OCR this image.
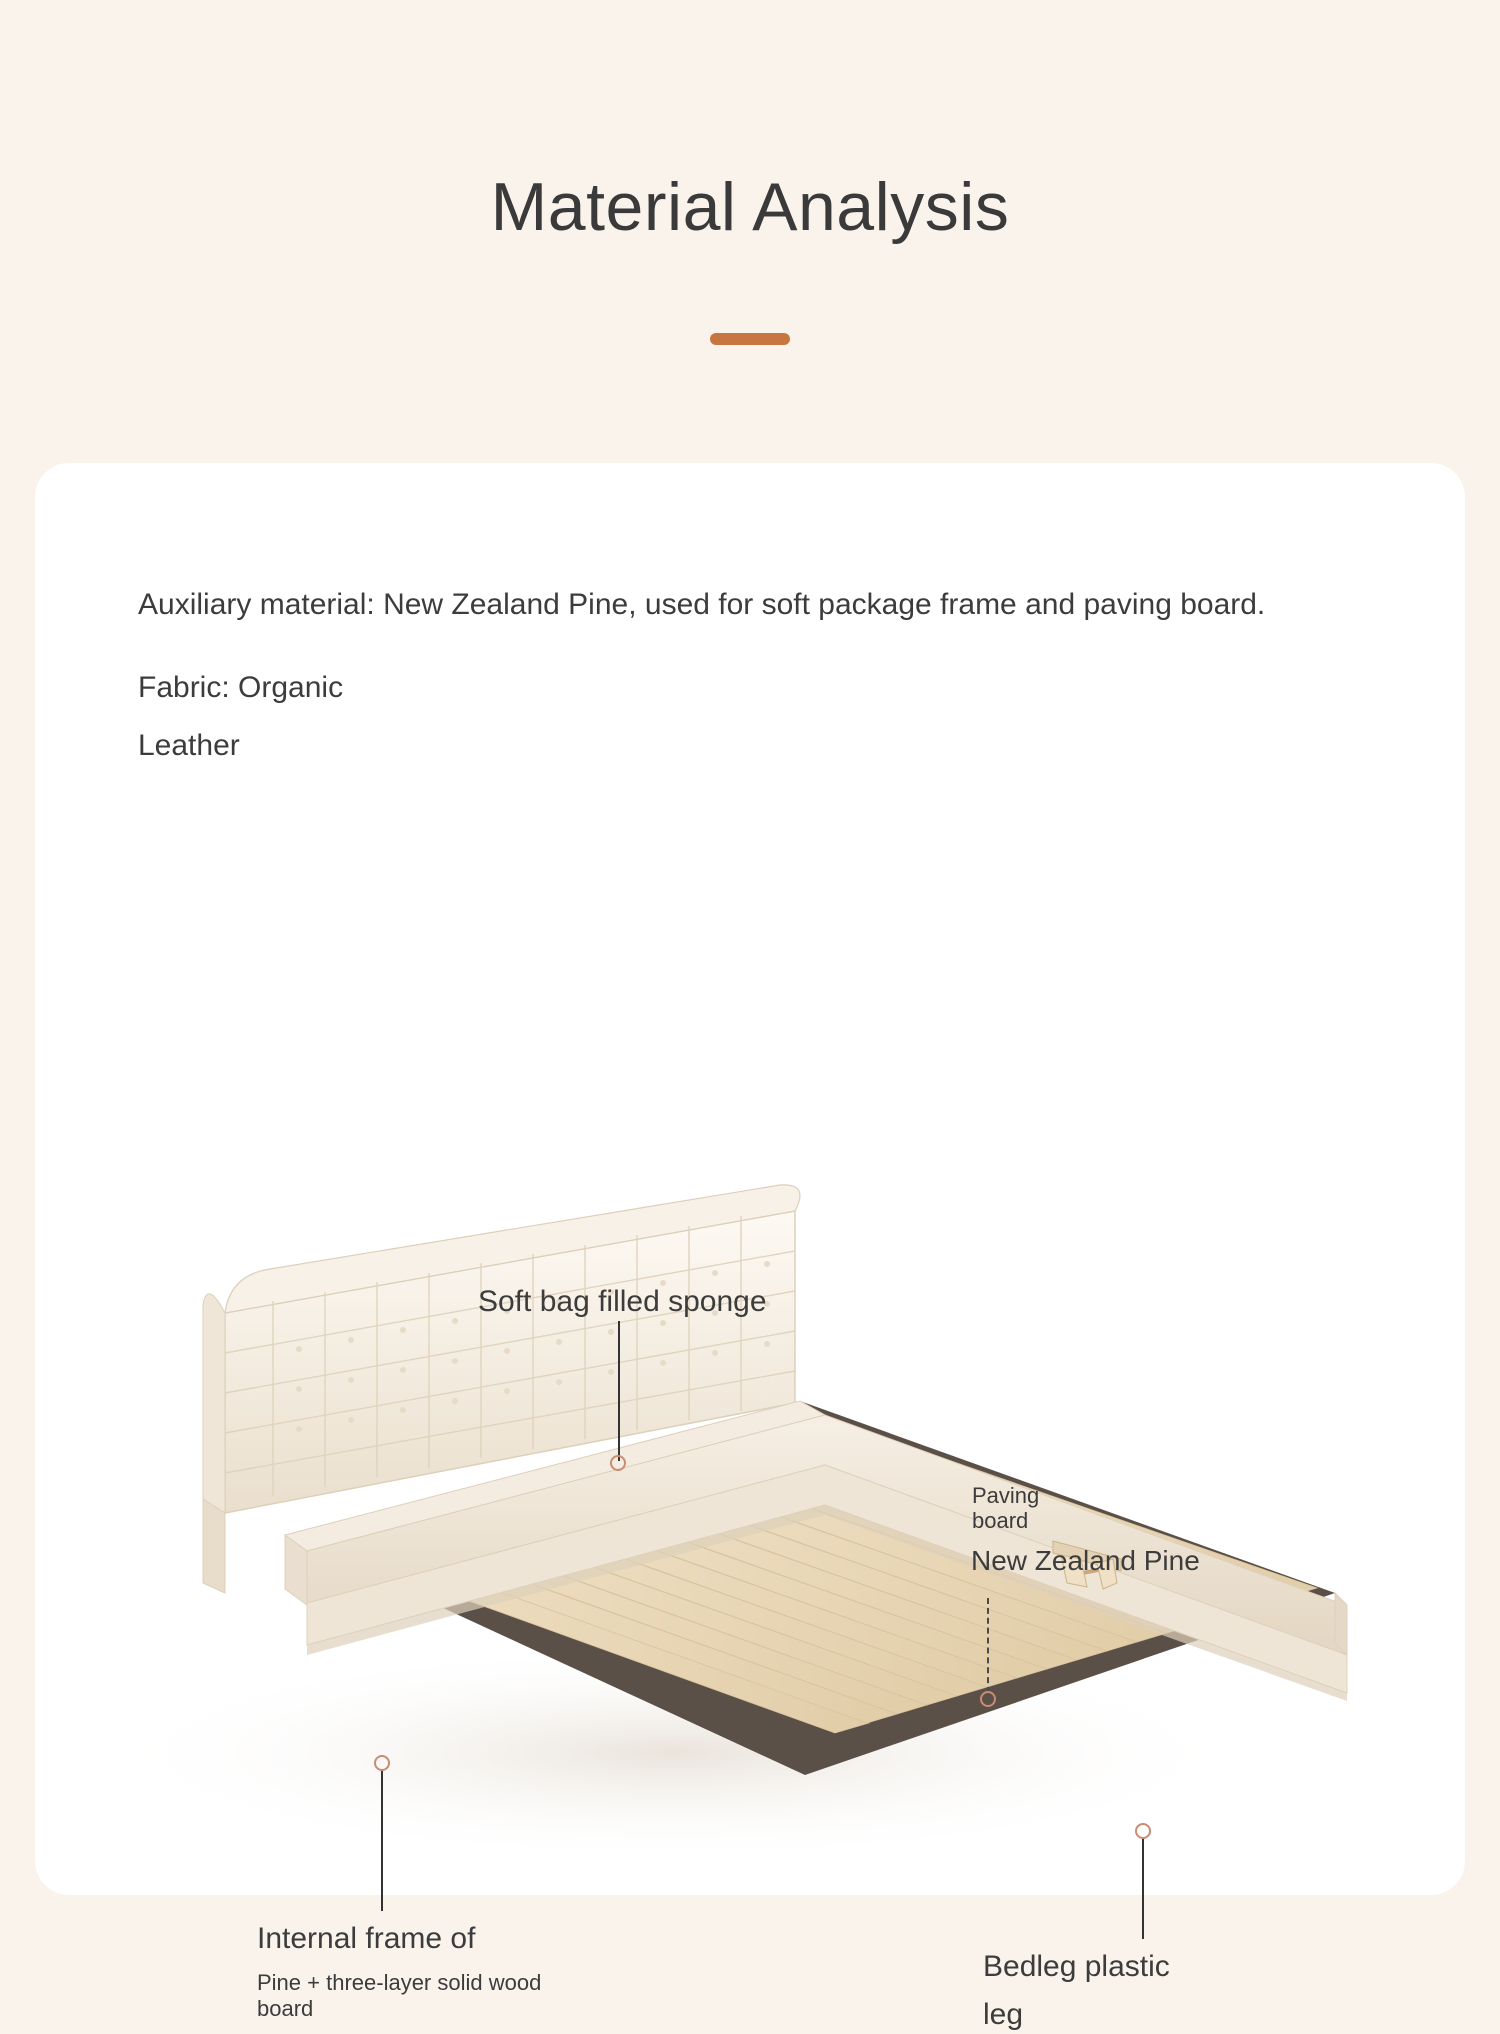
Material Analysis
Auxiliary material: New Zealand Pine, used for soft package frame and paving board.
Fabric: Organic
Leather
Soft bag filled sponge
Paving board
New Zealand Pine
Internal frame of
Pine + three-layer solid wood board
Bedleg plastic
leg
